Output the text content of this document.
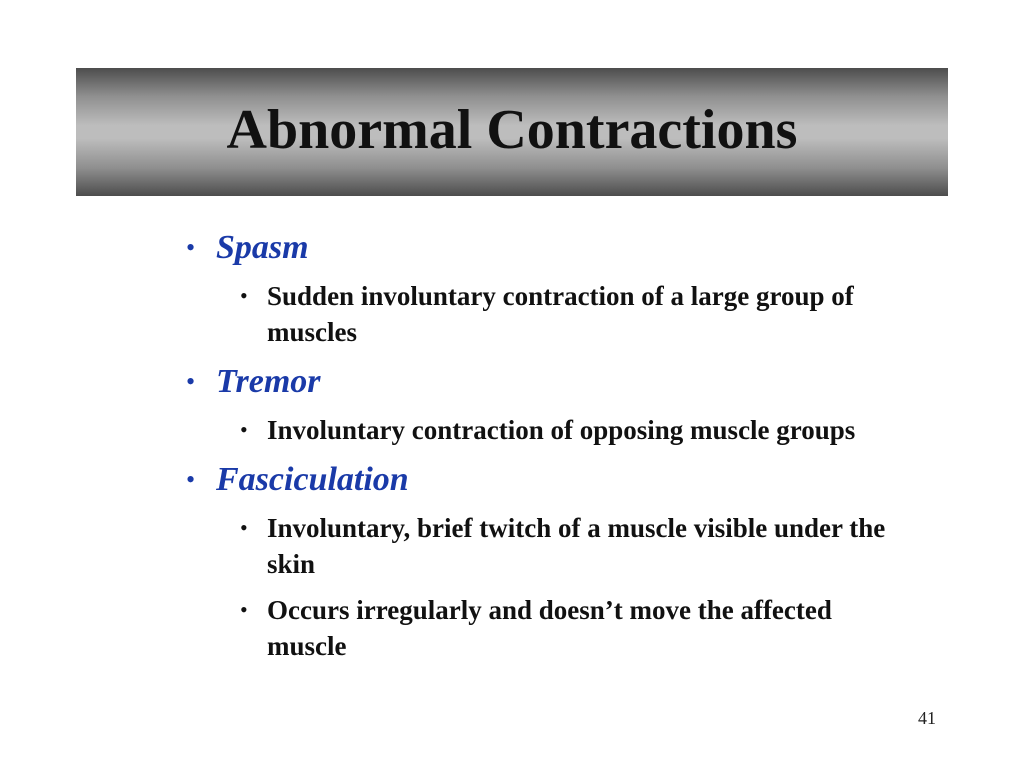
Abnormal Contractions
• Spasm
• Sudden involuntary contraction of a large group of muscles
• Tremor
• Involuntary contraction of opposing muscle groups
• Fasciculation
• Involuntary, brief twitch of a muscle visible under the skin
• Occurs irregularly and doesn’t move the affected muscle
41
